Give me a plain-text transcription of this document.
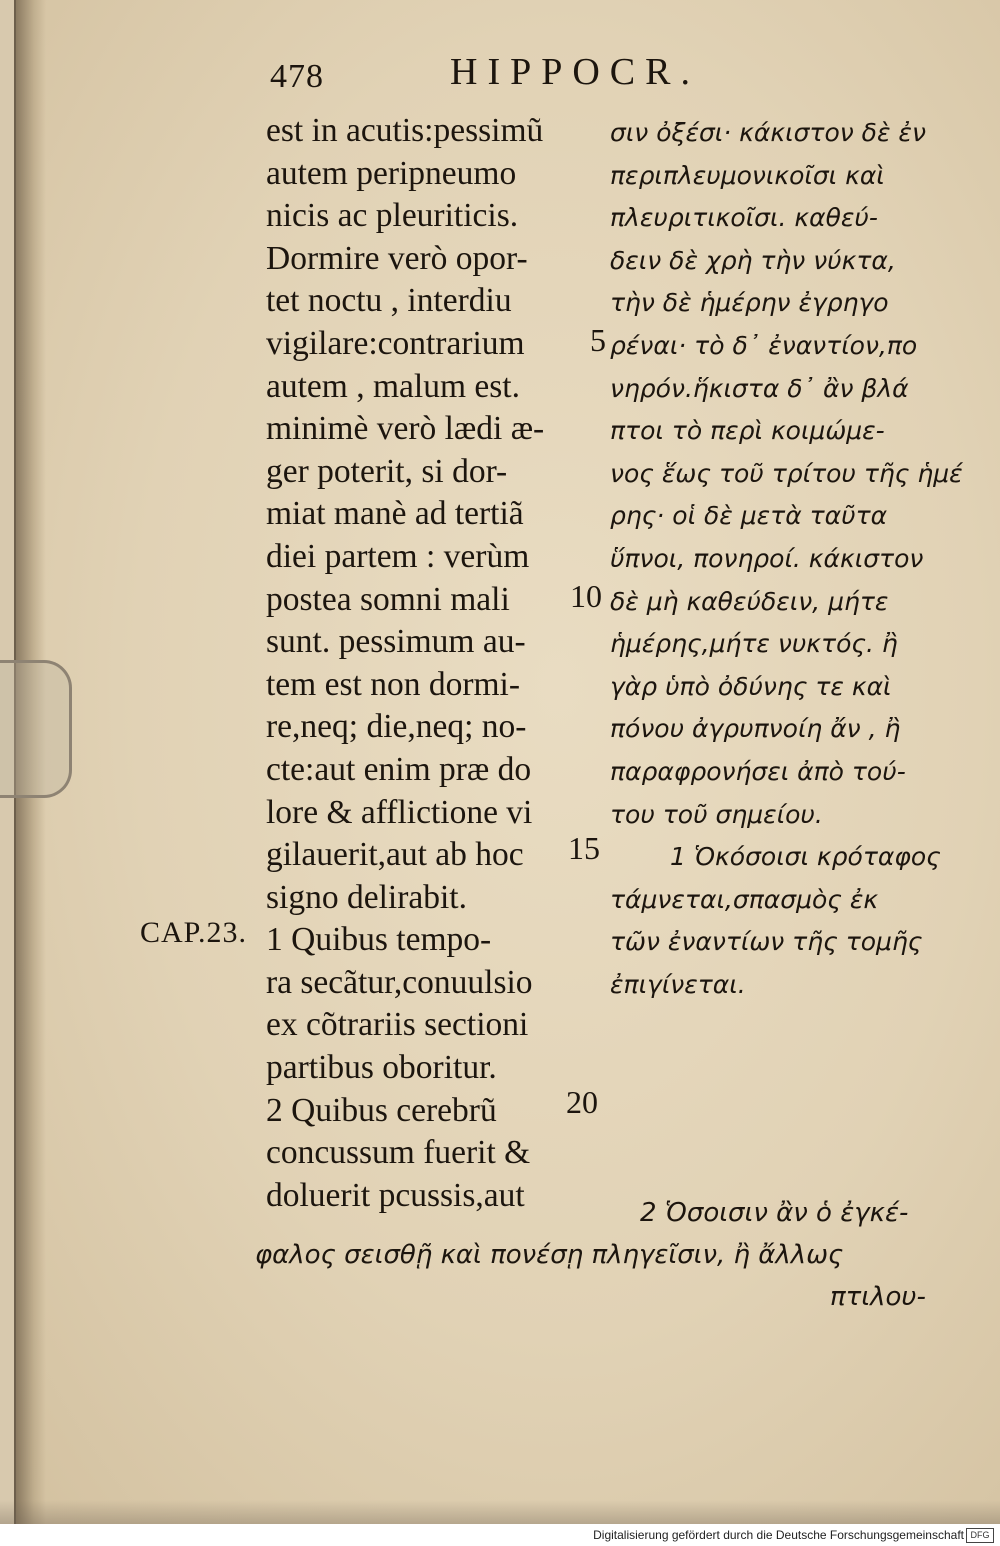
478	HIPPOCR.
est in acutis:pessimũ
autem peripneumo
nicis ac pleuriticis.
Dormire verò opor-
tet noctu , interdiu
vigilare:contrarium
autem , malum est.
minimè verò lædi æ-
ger poterit, si dor-
miat manè ad tertiã
diei partem : verùm
postea somni mali
sunt. pessimum au-
tem est non dormi-
re,neq; die,neq; no-
cte:aut enim præ do
lore & afflictione vi
gilauerit,aut ab hoc
signo delirabit.
1 Quibus tempo-
ra secãtur,conuulsio
ex cõtrariis sectioni
partibus oboritur.
2 Quibus cerebrũ
concussum fuerit &
doluerit pcussis,aut
5
10
15
20
CAP.23.
σιν ὀξέσι· κάκιστον δὲ ἐν
περιπλευμονικοῖσι καὶ
πλευριτικοῖσι. καθεύ-
δειν δὲ χρὴ τὴν νύκτα,
τὴν δὲ ἡμέρην ἐγρηγο
ρέναι· τὸ δ᾽ ἐναντίον,πο
νηρόν.ἥκιστα δ᾽ ἂν βλά
πτοι τὸ περὶ κοιμώμε-
νος ἕως τοῦ τρίτου τῆς ἡμέ
ρης· οἱ δὲ μετὰ ταῦτα
ὕπνοι, πονηροί. κάκιστον
δὲ μὴ καθεύδειν, μήτε
ἡμέρης,μήτε νυκτός. ἢ
γὰρ ὑπὸ ὀδύνης τε καὶ
πόνου ἀγρυπνοίη ἄν , ἢ
παραφρονήσει ἀπὸ τού-
του τοῦ σημείου.
1 Ὁκόσοισι κρόταφος
τάμνεται,σπασμὸς ἐκ
τῶν ἐναντίων τῆς τομῆς
ἐπιγίνεται.
2 Ὁσοισιν ἂν ὁ ἐγκέ-
φαλος σεισθῇ καὶ πονέσῃ πληγεῖσιν, ἢ ἄλλως
πτιλου-
Digitalisierung gefördert durch die Deutsche Forschungsgemeinschaft DFG
